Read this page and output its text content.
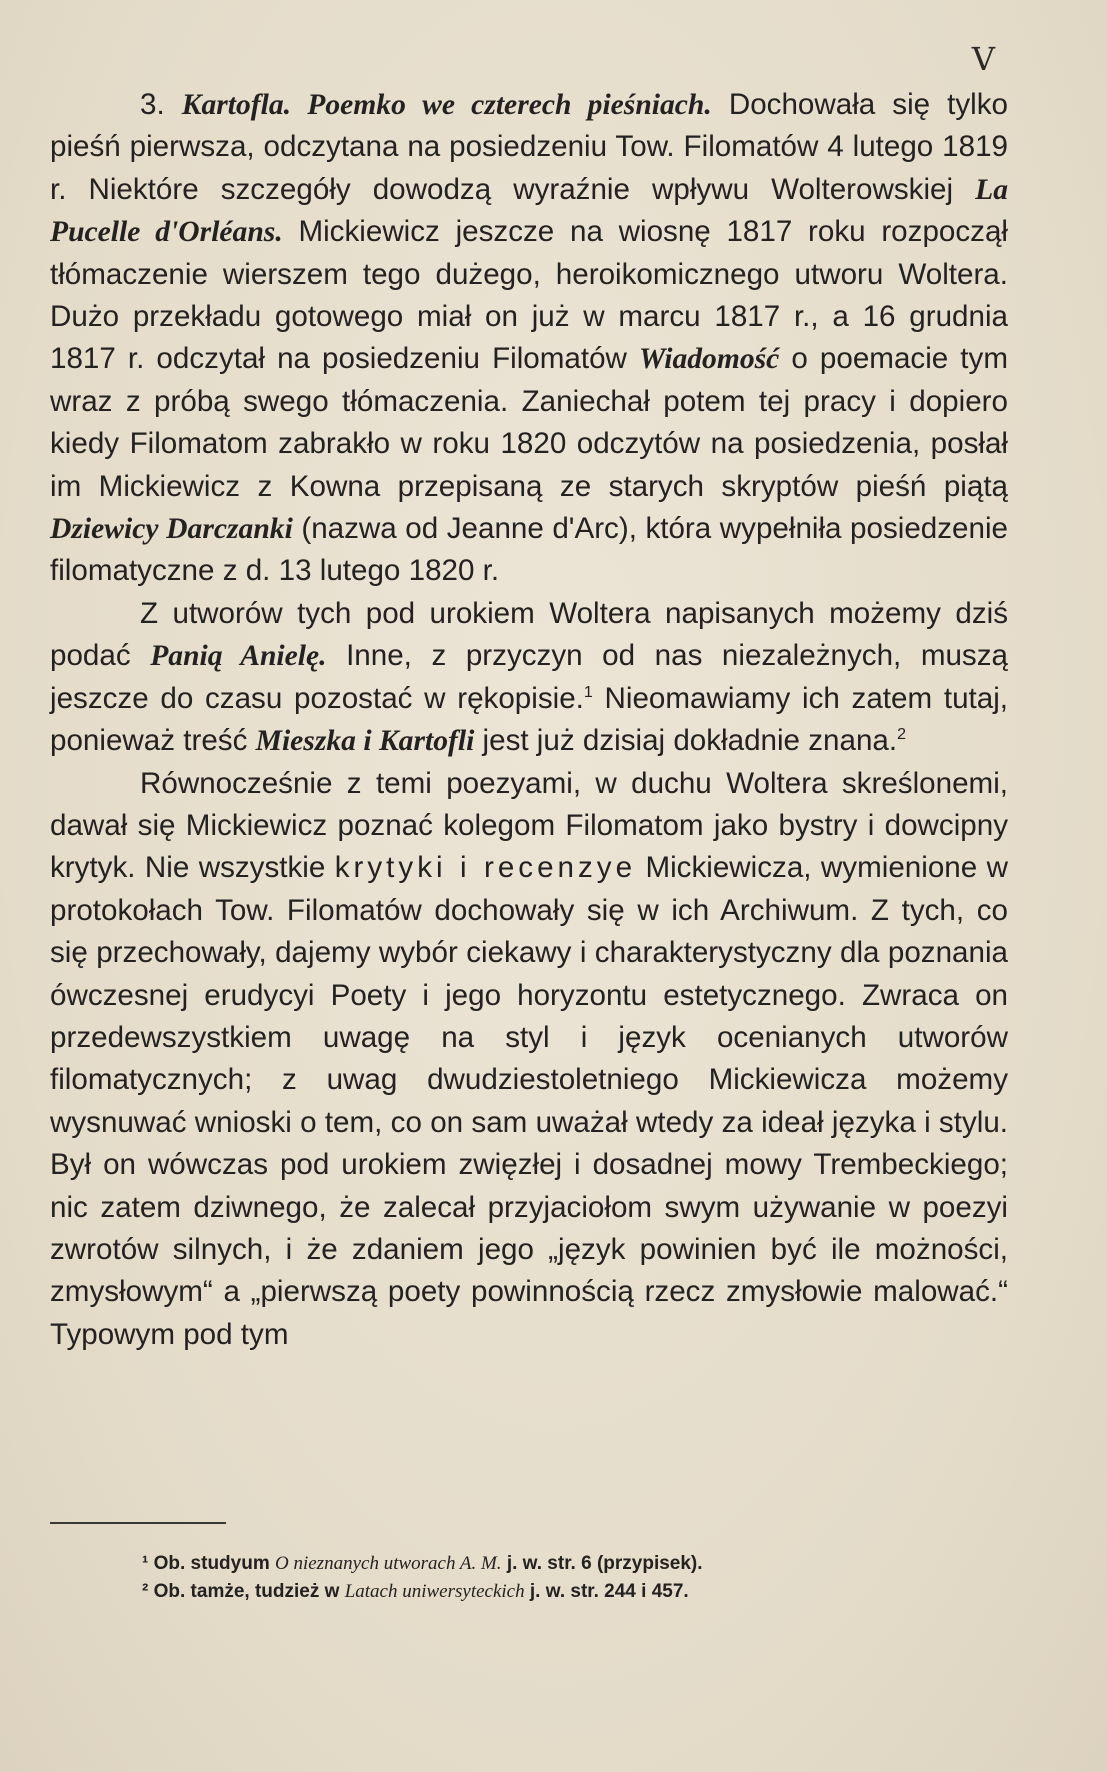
V

3. Kartofla. Poemko we czterech pieśniach. Dochowała się tylko pieśń pierwsza, odczytana na posiedzeniu Tow. Filomatów 4 lutego 1819 r. Niektóre szczegóły dowodzą wyraźnie wpływu Wolterowskiej La Pucelle d'Orléans. Mickiewicz jeszcze na wiosnę 1817 roku rozpoczął tłómaczenie wierszem tego dużego, heroikomicznego utworu Woltera. Dużo przekładu gotowego miał on już w marcu 1817 r., a 16 grudnia 1817 r. odczytał na posiedzeniu Filomatów Wiadomość o poemacie tym wraz z próbą swego tłómaczenia. Zaniechał potem tej pracy i dopiero kiedy Filomatom zabrakło w roku 1820 odczytów na posiedzenia, posłał im Mickiewicz z Kowna przepisaną ze starych skryptów pieśń piątą Dziewicy Darczanki (nazwa od Jeanne d'Arc), która wypełniła posiedzenie filomatyczne z d. 13 lutego 1820 r.

Z utworów tych pod urokiem Woltera napisanych możemy dziś podać Panią Anielę. Inne, z przyczyn od nas niezależnych, muszą jeszcze do czasu pozostać w rękopisie.$^1$ Nieomawiamy ich zatem tutaj, ponieważ treść Mieszka i Kartofli jest już dzisiaj dokładnie znana.$^2$

Równocześnie z temi poezyami, w duchu Woltera skreślonemi, dawał się Mickiewicz poznać kolegom Filomatom jako bystry i dowcipny krytyk. Nie wszystkie krytyki i recenzye Mickiewicza, wymienione w protokołach Tow. Filomatów dochowały się w ich Archiwum. Z tych, co się przechowały, dajemy wybór ciekawy i charakterystyczny dla poznania ówczesnej erudycyi Poety i jego horyzontu estetycznego. Zwraca on przedewszystkiem uwagę na styl i język ocenianych utworów filomatycznych; z uwag dwudziestoletniego Mickiewicza możemy wysnuwać wnioski o tem, co on sam uważał wtedy za ideał języka i stylu. Był on wówczas pod urokiem zwięzłej i dosadnej mowy Trembeckiego; nic zatem dziwnego, że zalecał przyjaciołom swym używanie w poezyi zwrotów silnych, i że zdaniem jego „język powinien być ile możności, zmysłowym“ a „pierwszą poety powinnością rzecz zmysłowie malować.“ Typowym pod tym

¹ Ob. studyum O nieznanych utworach A. M. j. w. str. 6 (przypisek).

² Ob. tamże, tudzież w Latach uniwersyteckich j. w. str. 244 i 457.
